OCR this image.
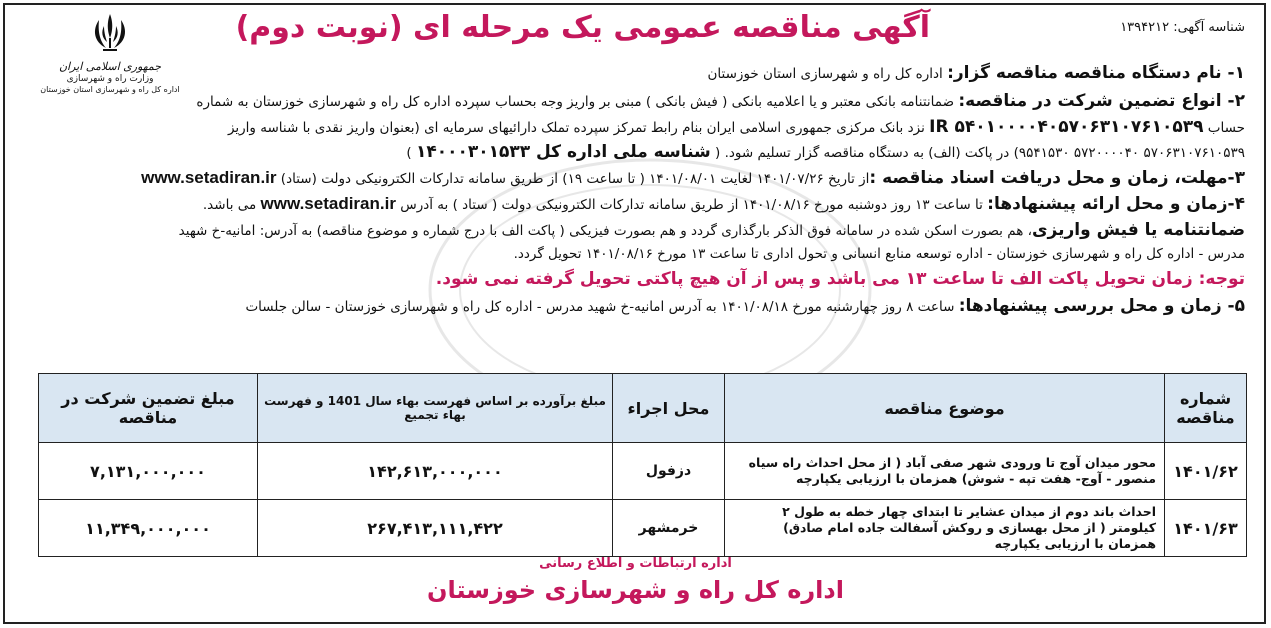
جمهوری اسلامی ایران
وزارت راه و شهرسازی
اداره کل راه و شهرسازی استان خوزستان
آگهی مناقصه عمومی یک مرحله ای (نوبت دوم)	شناسه آگهی: ۱۳۹۴۲۱۲
۱- نام دستگاه مناقصه مناقصه گزار: اداره کل راه و شهرسازی استان خوزستان
۲- انواع تضمین شرکت در مناقصه: ضمانتنامه بانکی معتبر و یا اعلامیه بانکی ( فیش بانکی ) مبنی بر واریز وجه بحساب سپرده اداره کل راه و شهرسازی خوزستان به شماره
حساب IR ۵۴۰۱۰۰۰۰۴۰۵۷۰۶۳۱۰۷۶۱۰۵۳۹ نزد بانک مرکزی جمهوری اسلامی ایران بنام رابط تمرکز سپرده تملک دارائیهای سرمایه ای (بعنوان واریز نقدی با شناسه واریز
۵۷۰۶۳۱۰۷۶۱۰۵۳۹ ۵۷۲۰۰۰۰۴۰ ۹۵۴۱۵۳۰) در پاکت (الف) به دستگاه مناقصه گزار تسلیم شود. ( شناسه ملی اداره کل ۱۴۰۰۰۳۰۱۵۳۳ )
۳-مهلت، زمان و محل دریافت اسناد مناقصه :از تاریخ ۱۴۰۱/۰۷/۲۶ لغایت ۱۴۰۱/۰۸/۰۱ ( تا ساعت ۱۹) از طریق سامانه تدارکات الکترونیکی دولت (ستاد) www.setadiran.ir
۴-زمان و محل ارائه پیشنهادها: تا ساعت ۱۳ روز دوشنبه مورخ ۱۴۰۱/۰۸/۱۶ از طریق سامانه تدارکات الکترونیکی دولت ( ستاد ) به آدرس www.setadiran.ir می باشد.
ضمانتنامه یا فیش واریزی، هم بصورت اسکن شده در سامانه فوق الذکر بارگذاری گردد و هم بصورت فیزیکی ( پاکت الف با درج شماره و موضوع مناقصه) به آدرس: امانیه-خ شهید
مدرس - اداره کل راه و شهرسازی خوزستان - اداره توسعه منابع انسانی و تحول اداری تا ساعت ۱۳ مورخ ۱۴۰۱/۰۸/۱۶ تحویل گردد.
توجه: زمان تحویل پاکت الف تا ساعت ۱۳ می باشد و پس از آن هیچ پاکتی تحویل گرفته نمی شود.
۵- زمان و محل بررسی پیشنهادها: ساعت ۸ روز چهارشنبه مورخ ۱۴۰۱/۰۸/۱۸ به آدرس امانیه-خ شهید مدرس - اداره کل راه و شهرسازی خوزستان - سالن جلسات
شماره مناقصه	موضوع مناقصه	محل اجراء	مبلغ برآورده بر اساس فهرست بهاء سال 1401 و فهرست بهاء تجمیع	مبلغ تضمین شرکت در مناقصه
۱۴۰۱/۶۲	محور میدان آوج تا ورودی شهر صفی آباد ( از محل احداث راه سیاه منصور - آوج- هفت تپه - شوش) همزمان با ارزیابی یکپارچه	دزفول	۱۴۲,۶۱۳,۰۰۰,۰۰۰	۷,۱۳۱,۰۰۰,۰۰۰
۱۴۰۱/۶۳	احداث باند دوم از میدان عشایر تا ابتدای چهار خطه به طول ۲ کیلومتر ( از محل بهسازی و روکش آسفالت جاده امام صادق) همزمان با ارزیابی یکپارچه	خرمشهر	۲۶۷,۴۱۳,۱۱۱,۴۲۲	۱۱,۳۴۹,۰۰۰,۰۰۰
اداره ارتباطات و اطلاع رسانی
اداره کل راه و شهرسازی خوزستان
